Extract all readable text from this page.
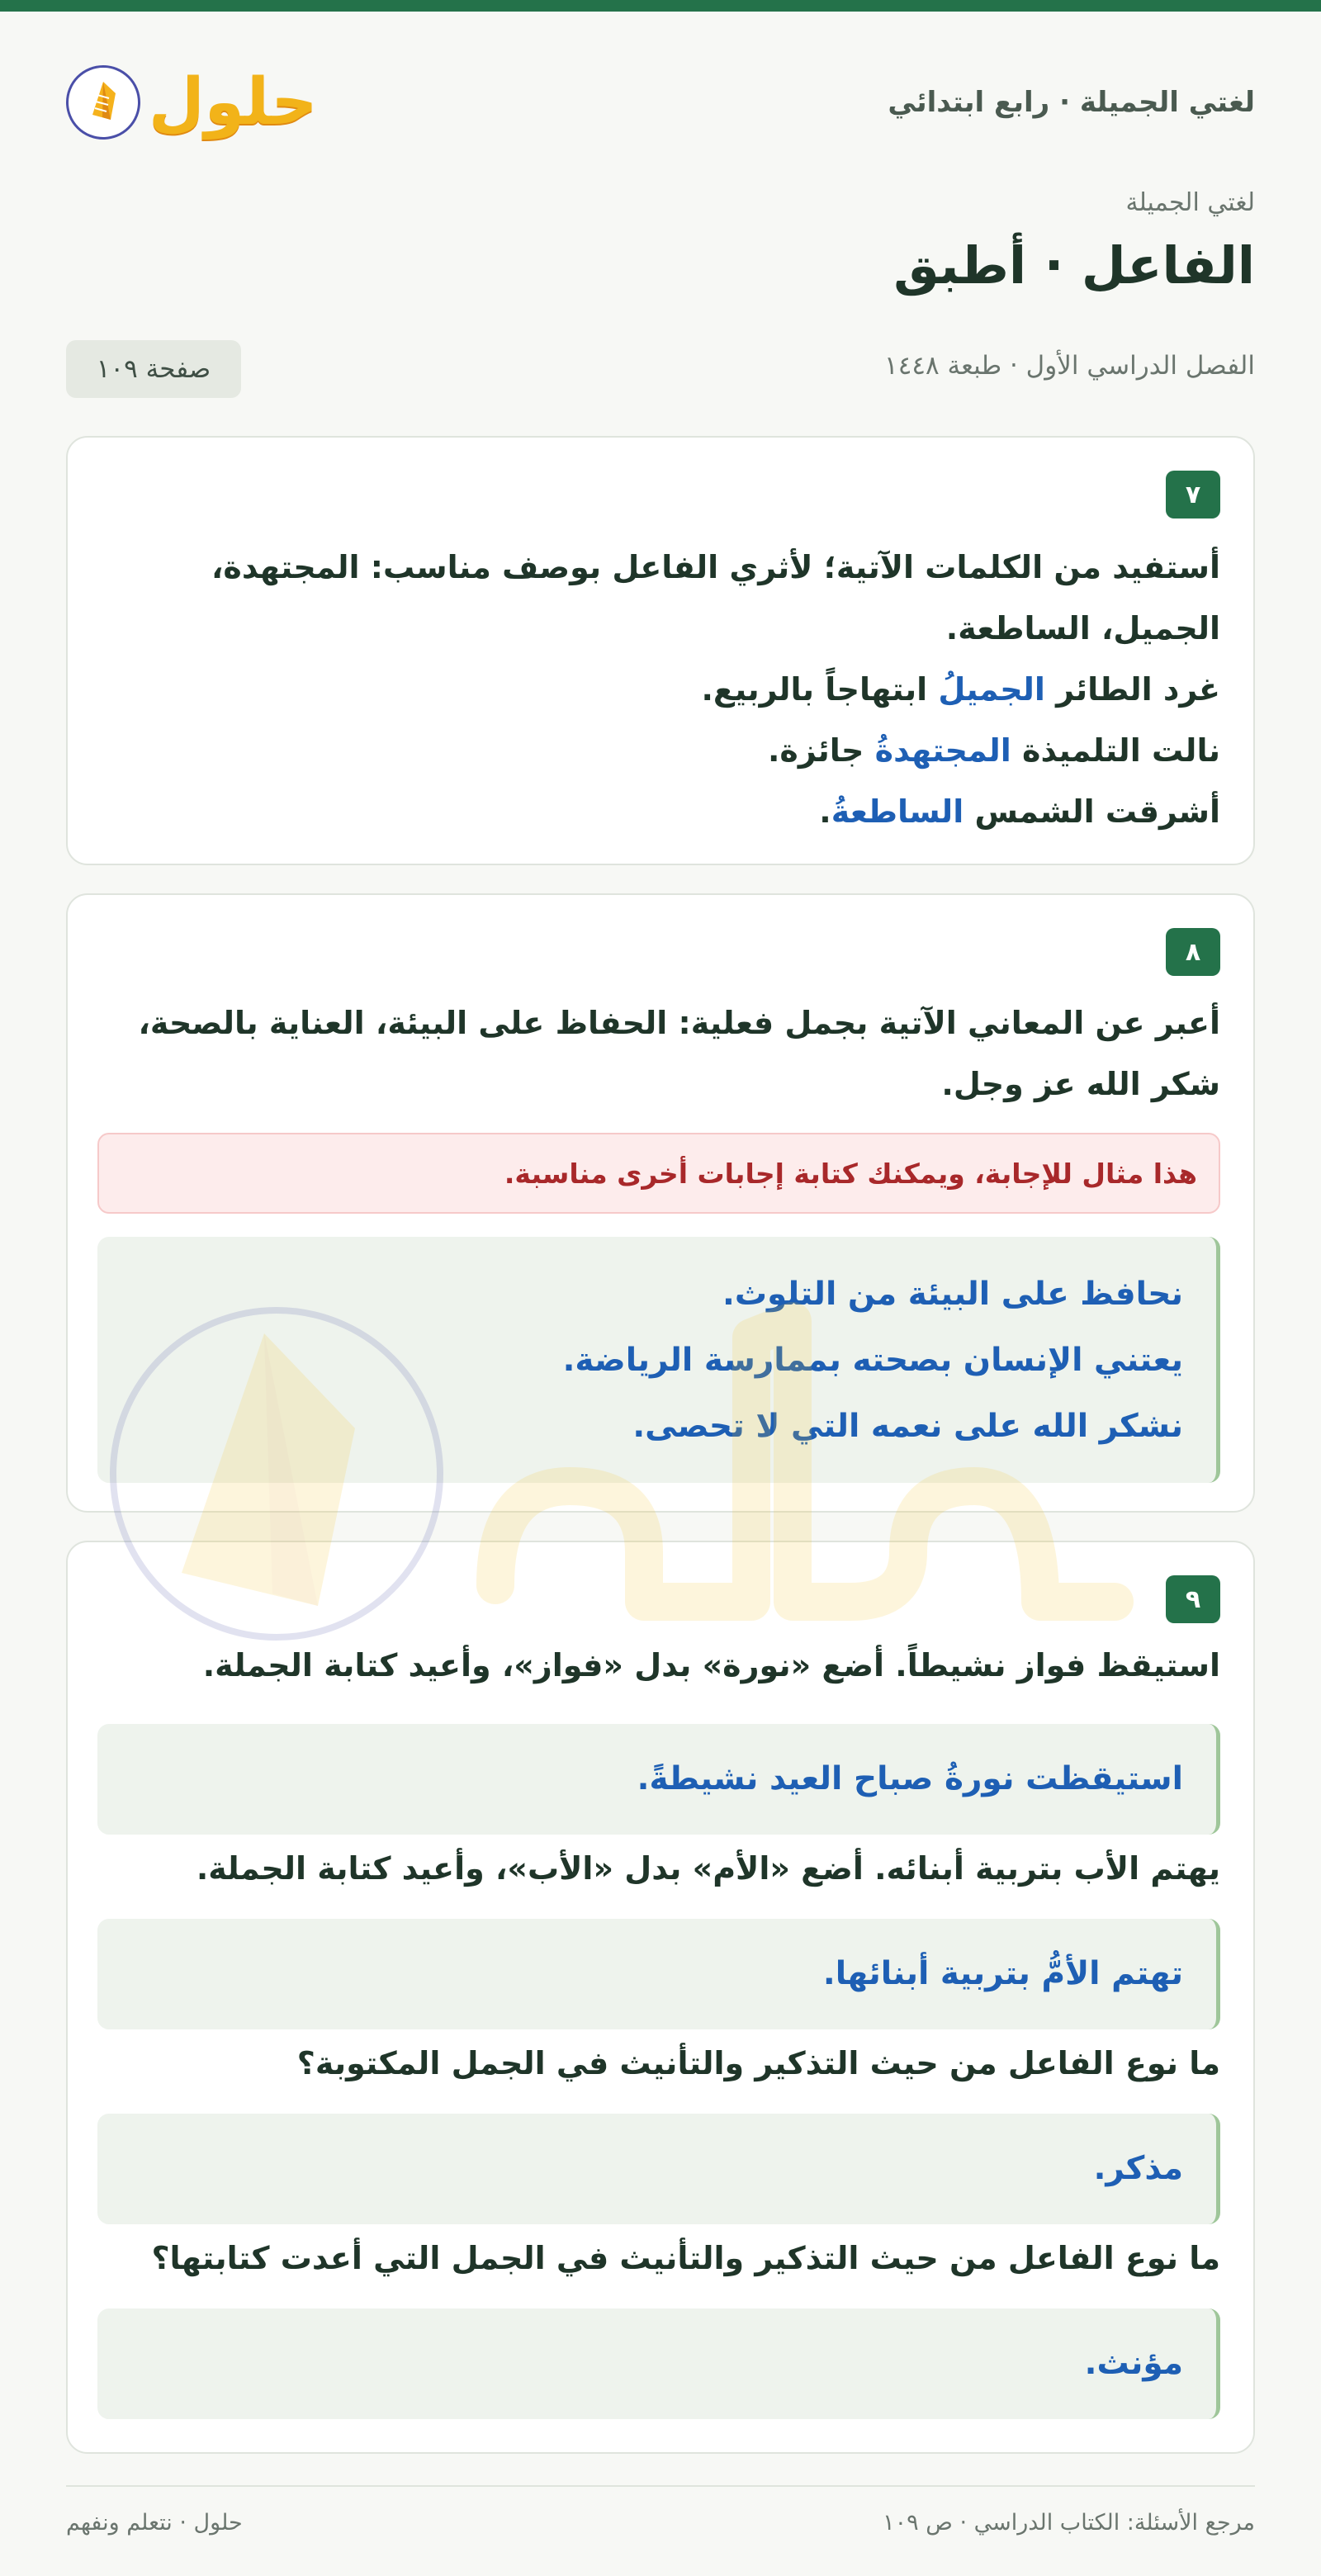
لغتي الجميلة · رابع ابتدائي
حلول
لغتي الجميلة
الفاعل · أطبق
الفصل الدراسي الأول · طبعة ١٤٤٨
صفحة ١٠٩
٧
أستفيد من الكلمات الآتية؛ لأثري الفاعل بوصف مناسب: المجتهدة، الجميل، الساطعة.
غرد الطائر الجميلُ ابتهاجاً بالربيع.
نالت التلميذة المجتهدةُ جائزة.
أشرقت الشمس الساطعةُ.
٨
أعبر عن المعاني الآتية بجمل فعلية: الحفاظ على البيئة، العناية بالصحة، شكر الله عز وجل.
هذا مثال للإجابة، ويمكنك كتابة إجابات أخرى مناسبة.
نحافظ على البيئة من التلوث.
يعتني الإنسان بصحته بممارسة الرياضة.
نشكر الله على نعمه التي لا تحصى.
٩
استيقظ فواز نشيطاً. أضع «نورة» بدل «فواز»، وأعيد كتابة الجملة.
استيقظت نورةُ صباح العيد نشيطةً.
يهتم الأب بتربية أبنائه. أضع «الأم» بدل «الأب»، وأعيد كتابة الجملة.
تهتم الأمُّ بتربية أبنائها.
ما نوع الفاعل من حيث التذكير والتأنيث في الجمل المكتوبة؟
مذكر.
ما نوع الفاعل من حيث التذكير والتأنيث في الجمل التي أعدت كتابتها؟
مؤنث.
مرجع الأسئلة: الكتاب الدراسي · ص ١٠٩
حلول · نتعلم ونفهم
